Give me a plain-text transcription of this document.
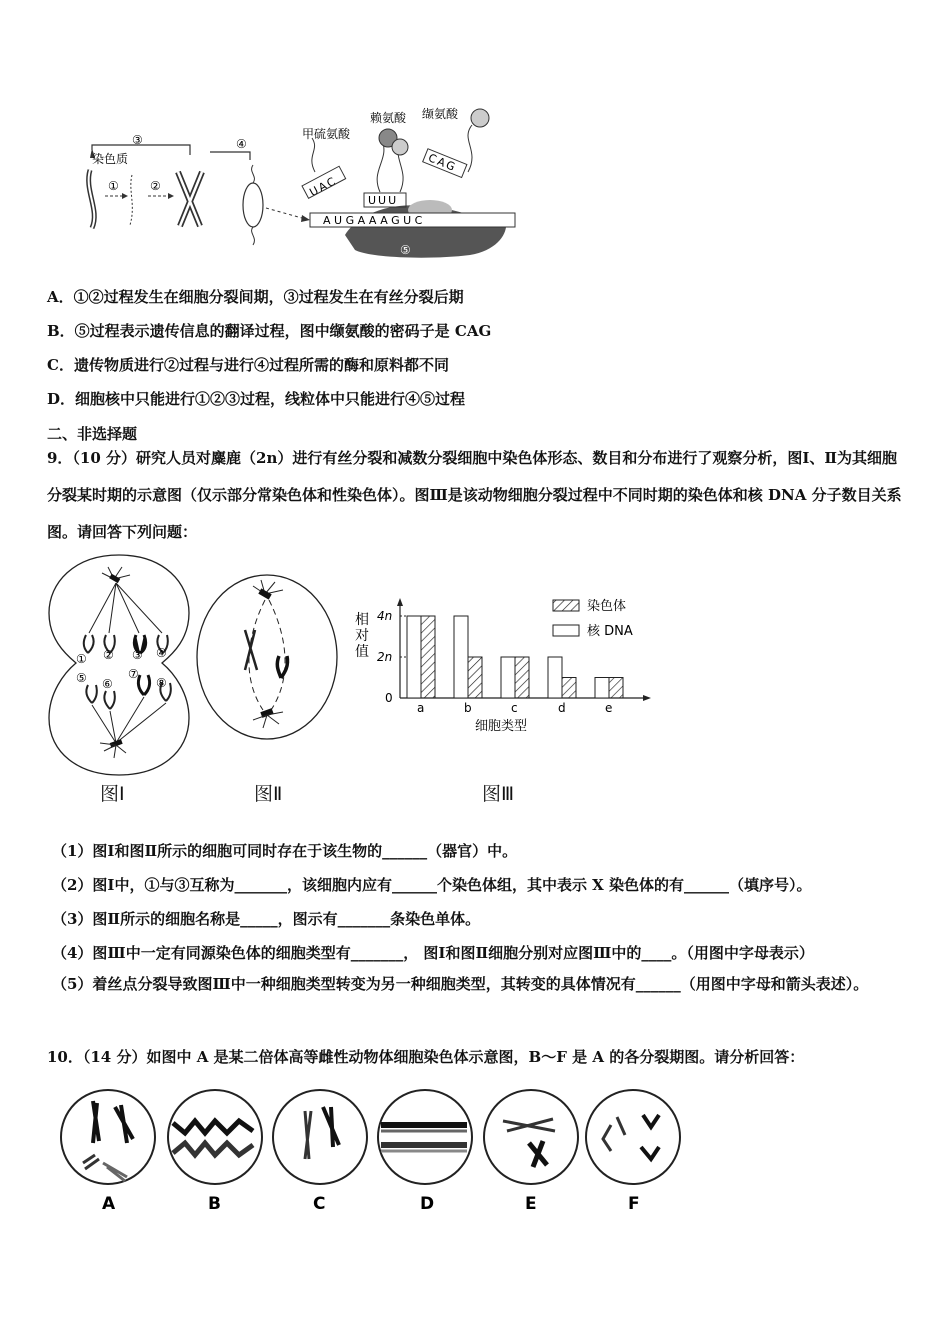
③
染色质
①	②
④
AUGAAAGUC
UAC
UUU
CAG
甲硫氨酸
赖氨酸 缬氨酸
⑤
A．①②过程发生在细胞分裂间期，③过程发生在有丝分裂后期
B．⑤过程表示遗传信息的翻译过程，图中缬氨酸的密码子是 CAG
C．遗传物质进行②过程与进行④过程所需的酶和原料都不同
D．细胞核中只能进行①②③过程，线粒体中只能进行④⑤过程
二、非选择题
9．（10 分）研究人员对麋鹿（2n）进行有丝分裂和减数分裂细胞中染色体形态、数目和分布进行了观察分析，图Ⅰ、Ⅱ为其细胞分裂某时期的示意图（仅示部分常染色体和性染色体）。图Ⅲ是该动物细胞分裂过程中不同时期的染色体和核 DNA 分子数目关系图。请回答下列问题：
① ② ③ ④
⑤ ⑥
⑦
⑧
图Ⅰ	图Ⅱ
相
对
值
4n
2n
0
a	b	c	d	e
细胞类型
染色体
核 DNA
图Ⅲ
（1）图Ⅰ和图Ⅱ所示的细胞可同时存在于该生物的______（器官）中。
（2）图Ⅰ中，①与③互称为_______，该细胞内应有______个染色体组，其中表示 X 染色体的有______（填序号）。
（3）图Ⅱ所示的细胞名称是_____，图示有_______条染色单体。
（4）图Ⅲ中一定有同源染色体的细胞类型有_______， 图Ⅰ和图Ⅱ细胞分别对应图Ⅲ中的____。（用图中字母表示）
（5）着丝点分裂导致图Ⅲ中一种细胞类型转变为另一种细胞类型，其转变的具体情况有______（用图中字母和箭头表述）。
10．（14 分）如图中 A 是某二倍体高等雌性动物体细胞染色体示意图，B～F 是 A 的各分裂期图。请分析回答：
A	B	C	D	E	F
